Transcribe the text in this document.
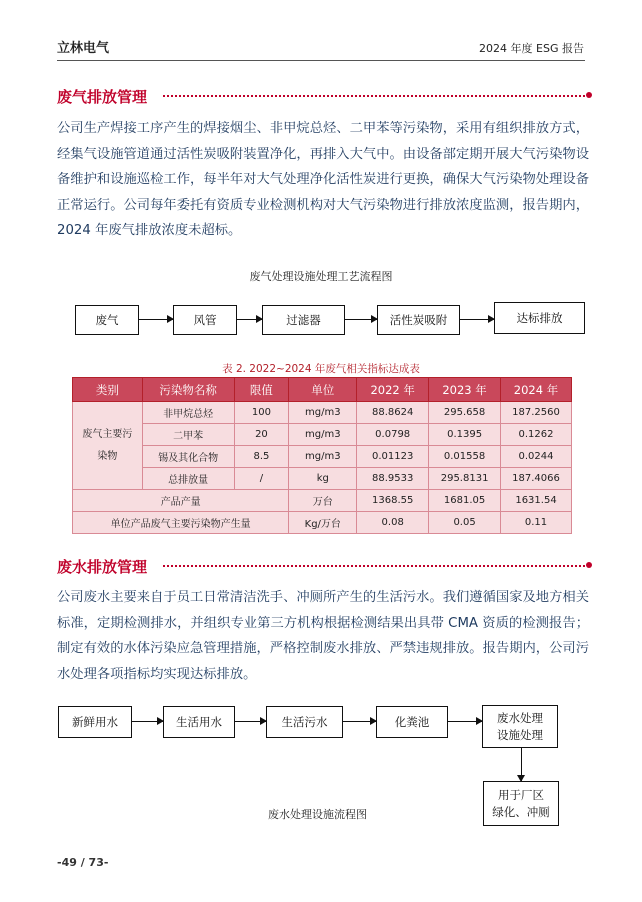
立林电气	2024 年度 ESG 报告
废气排放管理
公司生产焊接工序产生的焊接烟尘、非甲烷总烃、二甲苯等污染物，采用有组织排放方式，经集气设施管道通过活性炭吸附装置净化，再排入大气中。由设备部定期开展大气污染物设备维护和设施巡检工作，每半年对大气处理净化活性炭进行更换，确保大气污染物处理设备正常运行。公司每年委托有资质专业检测机构对大气污染物进行排放浓度监测，报告期内，2024 年废气排放浓度未超标。
废气处理设施处理工艺流程图
废气	风管	过滤器	活性炭吸附	达标排放
表 2. 2022~2024 年废气相关指标达成表
类别	污染物名称	限值	单位	2022 年	2023 年	2024 年
废气主要污
染物	非甲烷总烃	100	mg/m3	88.8624	295.658	187.2560
	二甲苯	20	mg/m3	0.0798	0.1395	0.1262
	锡及其化合物	8.5	mg/m3	0.01123	0.01558	0.0244
	总排放量	/	kg	88.9533	295.8131	187.4066
产品产量			万台	1368.55	1681.05	1631.54
单位产品废气主要污染物产生量			Kg/万台	0.08	0.05	0.11
废水排放管理
公司废水主要来自于员工日常清洁洗手、冲厕所产生的生活污水。我们遵循国家及地方相关标准，定期检测排水，并组织专业第三方机构根据检测结果出具带 CMA 资质的检测报告；制定有效的水体污染应急管理措施，严格控制废水排放、严禁违规排放。报告期内，公司污水处理各项指标均实现达标排放。
新鲜用水	生活用水	生活污水	化粪池	废水处理
设施处理
用于厂区
绿化、冲厕
废水处理设施流程图
-49 / 73-
